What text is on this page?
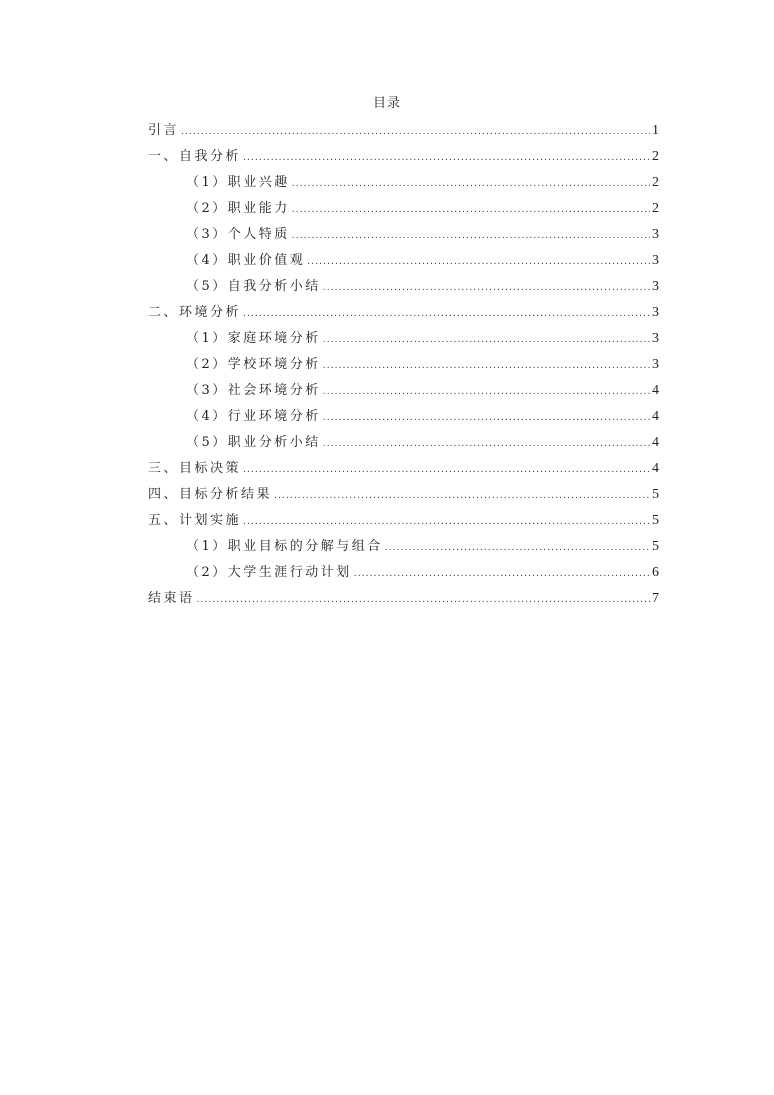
目录
引言 .....	1
一、自我分析 .....	2
（1）职业兴趣 .....	2
（2）职业能力 .....	2
（3）个人特质 .....	3
（4）职业价值观 .....	3
（5）自我分析小结 .....	3
二、环境分析 .....	3
（1）家庭环境分析 .....	3
（2）学校环境分析 .....	3
（3）社会环境分析 .....	4
（4）行业环境分析 .....	4
（5）职业分析小结 .....	4
三、目标决策 .....	4
四、目标分析结果 .....	5
五、计划实施 .....	5
（1）职业目标的分解与组合 .....	5
（2）大学生涯行动计划 .....	6
结束语 .....	7
